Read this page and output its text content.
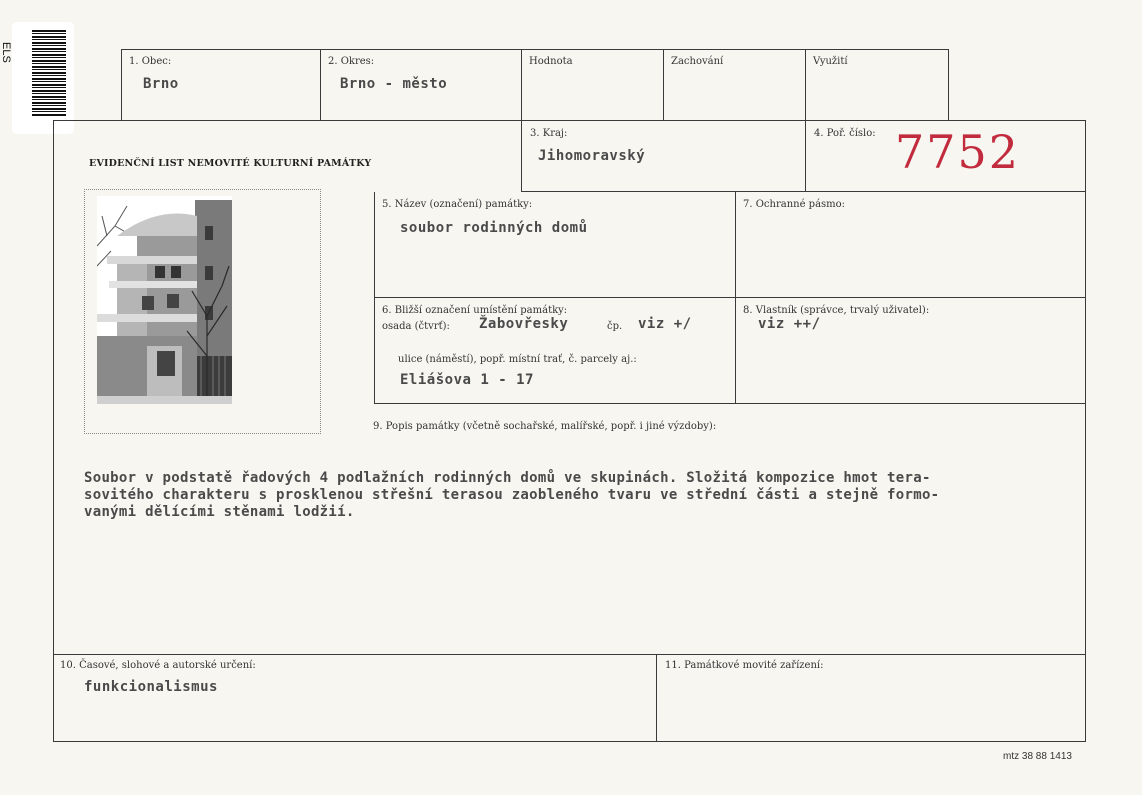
ELS	1. Obec:
Brno
2. Okres:
Brno - město
Hodnota	Zachování	Využití
EVIDENČNÍ LIST NEMOVITÉ KULTURNÍ PAMÁTKY
3. Kraj:
Jihomoravský
4. Poř. číslo: 7752
5. Název (označení) památky:
soubor rodinných domů
7. Ochranné pásmo:
6. Bližší označení umístění památky:
osada (čtvrť): Žabovřesky	čp. viz +/
8. Vlastník (správce, trvalý uživatel):
viz ++/
ulice (náměstí), popř. místní trať, č. parcely aj.:
Eliášova 1 - 17
9. Popis památky (včetně sochařské, malířské, popř. i jiné výzdoby):
Soubor v podstatě řadových 4 podlažních rodinných domů ve skupinách. Složitá kompozice hmot tera-
sovitého charakteru s prosklenou střešní terasou zaobleného tvaru ve střední části a stejně formo-
vanými dělícími stěnami lodžií.
10. Časové, slohové a autorské určení:
funkcionalismus
11. Památkové movité zařízení:
mtz 38 88 1413
